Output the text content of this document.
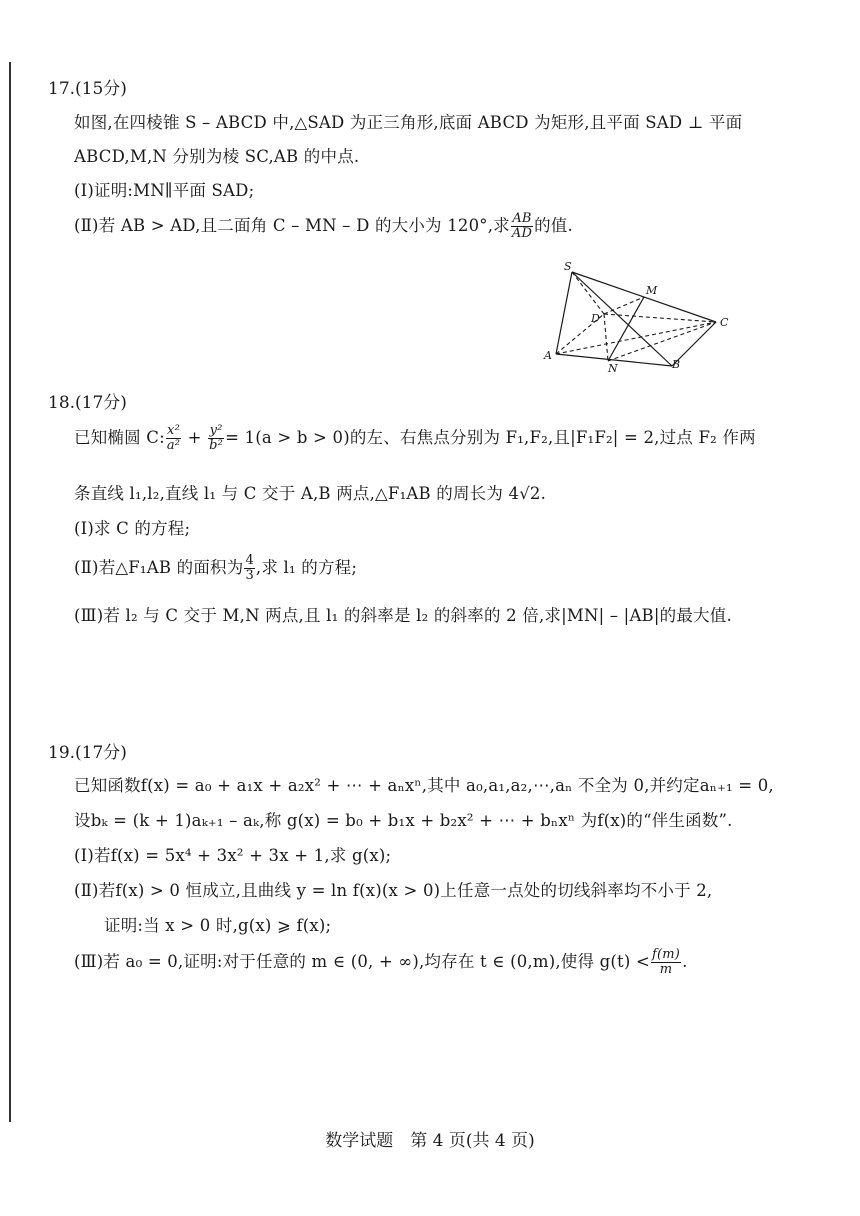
17.(15分)
如图,在四棱锥 S – ABCD 中,△SAD 为正三角形,底面 ABCD 为矩形,且平面 SAD ⊥ 平面
ABCD,M,N 分别为棱 SC,AB 的中点.
(Ⅰ)证明:MN∥平面 SAD;
(Ⅱ)若 AB > AD,且二面角 C – MN – D 的大小为 120°,求 $\frac{AB}{AD}$ 的值.
S
M
D	C
A
N	B
18.(17分)
已知椭圆 C: $\frac{\text{x²}}{\text{a²}} + \frac{\text{y²}}{\text{b²}} = 1(a > b > 0)$的左、右焦点分别为 F₁,F₂,且|F₁F₂| = 2,过点 F₂ 作两
条直线 l₁,l₂,直线 l₁ 与 C 交于 A,B 两点,△F₁AB 的周长为 4√2.
(Ⅰ)求 C 的方程;
(Ⅱ)若△F₁AB 的面积为 $\frac{4}{3}$ ,求 l₁ 的方程;
(Ⅲ)若 l₂ 与 C 交于 M,N 两点,且 l₁ 的斜率是 l₂ 的斜率的 2 倍,求|MN| – |AB|的最大值.
19.(17分)
已知函数f(x) = a₀ + a₁x + a₂x² + ⋯ + aₙxⁿ,其中 a₀,a₁,a₂,⋯,aₙ 不全为 0,并约定aₙ₊₁ = 0,
设bₖ = (k + 1)aₖ₊₁ – aₖ,称 g(x) = b₀ + b₁x + b₂x² + ⋯ + bₙxⁿ 为f(x)的“伴生函数”.
(Ⅰ)若f(x) = 5x⁴ + 3x² + 3x + 1,求 g(x);
(Ⅱ)若f(x) > 0 恒成立,且曲线 y = ln f(x)(x > 0)上任意一点处的切线斜率均不小于 2,
证明:当 x > 0 时,g(x) ⩾ f(x);
(Ⅲ)若 a₀ = 0,证明:对于任意的 m ∈ (0, + ∞),均存在 t ∈ (0,m),使得 $g(t) < \frac{f(m)}{m}$ .
数学试题　第 4 页(共 4 页)
